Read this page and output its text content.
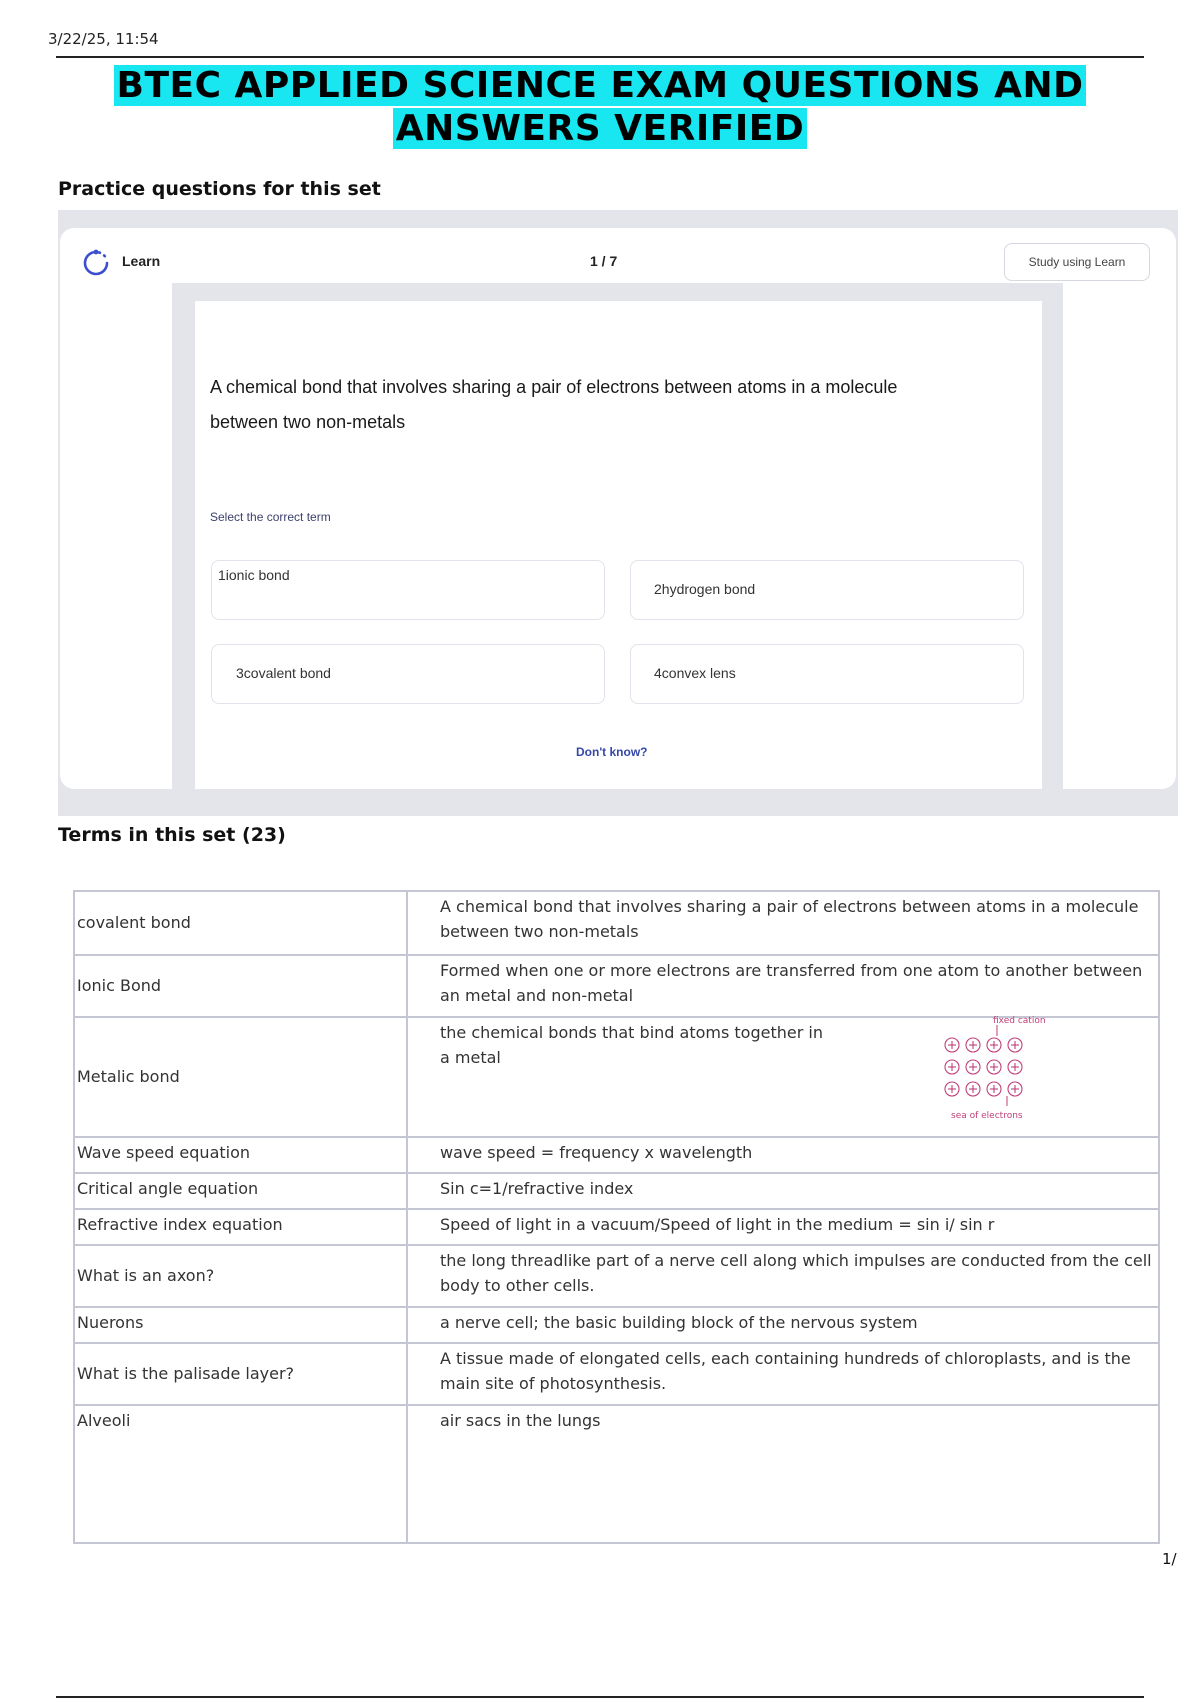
3/22/25, 11:54
BTEC APPLIED SCIENCE EXAM QUESTIONS AND
ANSWERS VERIFIED
Practice questions for this set
Learn	1 / 7	Study using Learn
A chemical bond that involves sharing a pair of electrons between atoms in a molecule between two non-metals
Select the correct term
1ionic bond
2hydrogen bond
3covalent bond	4convex lens
Don't know?
Terms in this set (23)
covalent bond	A chemical bond that involves sharing a pair of electrons between atoms in a molecule between two non-metals
Ionic Bond	Formed when one or more electrons are transferred from one atom to another between an metal and non-metal
Metalic bond	the chemical bonds that bind atoms together in a metal

Wave speed equation	wave speed = frequency x wavelength
Critical angle equation	Sin c=1/refractive index
Refractive index equation	Speed of light in a vacuum/Speed of light in the medium = sin i/ sin r
What is an axon?	the long threadlike part of a nerve cell along which impulses are conducted from the cell body to other cells.
Nuerons	a nerve cell; the basic building block of the nervous system
What is the palisade layer?	A tissue made of elongated cells, each containing hundreds of chloroplasts, and is the main site of photosynthesis.
Alveoli	air sacs in the lungs
fixed cation
sea of electrons
1/
